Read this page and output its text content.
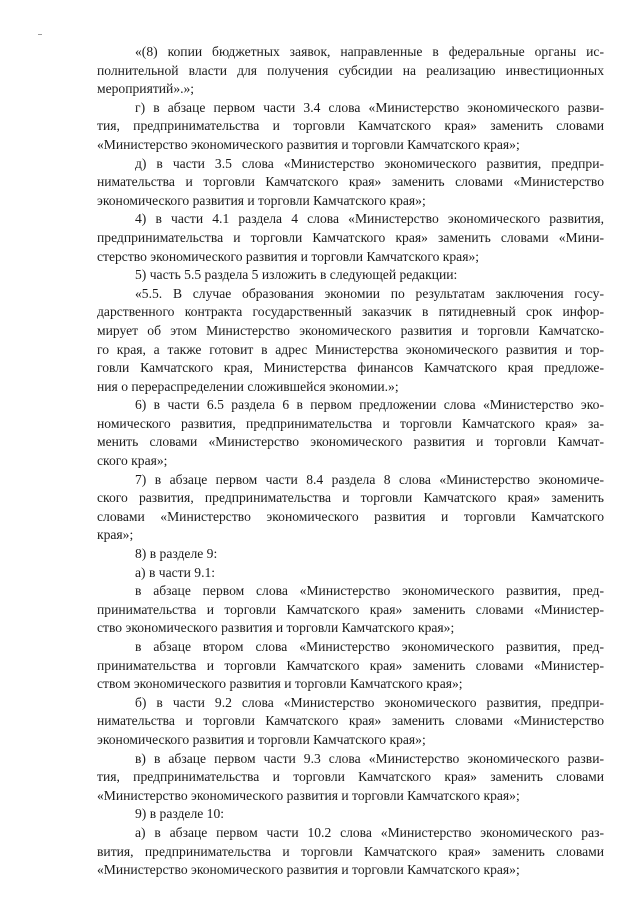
«(8) копии бюджетных заявок, направленные в федеральные органы ис-
полнительной власти для получения субсидии на реализацию инвестиционных
мероприятий».»;
г) в абзаце первом части 3.4 слова «Министерство экономического разви-
тия, предпринимательства и торговли Камчатского края» заменить словами
«Министерство экономического развития и торговли Камчатского края»;
д) в части 3.5 слова «Министерство экономического развития, предпри-
нимательства и торговли Камчатского края» заменить словами «Министерство
экономического развития и торговли Камчатского края»;
4) в части 4.1 раздела 4 слова «Министерство экономического развития,
предпринимательства и торговли Камчатского края» заменить словами «Мини-
стерство экономического развития и торговли Камчатского края»;
5) часть 5.5 раздела 5 изложить в следующей редакции:
«5.5. В случае образования экономии по результатам заключения госу-
дарственного контракта государственный заказчик в пятидневный срок инфор-
мирует об этом Министерство экономического развития и торговли Камчатско-
го края, а также готовит в адрес Министерства экономического развития и тор-
говли Камчатского края, Министерства финансов Камчатского края предложе-
ния о перераспределении сложившейся экономии.»;
6) в части 6.5 раздела 6 в первом предложении слова «Министерство эко-
номического развития, предпринимательства и торговли Камчатского края» за-
менить словами «Министерство экономического развития и торговли Камчат-
ского края»;
7) в абзаце первом части 8.4 раздела 8 слова «Министерство экономиче-
ского развития, предпринимательства и торговли Камчатского края» заменить
словами «Министерство экономического развития и торговли Камчатского
края»;
8) в разделе 9:
а) в части 9.1:
в абзаце первом слова «Министерство экономического развития, пред-
принимательства и торговли Камчатского края» заменить словами «Министер-
ство экономического развития и торговли Камчатского края»;
в абзаце втором слова «Министерство экономического развития, пред-
принимательства и торговли Камчатского края» заменить словами «Министер-
ством экономического развития и торговли Камчатского края»;
б) в части 9.2 слова «Министерство экономического развития, предпри-
нимательства и торговли Камчатского края» заменить словами «Министерство
экономического развития и торговли Камчатского края»;
в) в абзаце первом части 9.3 слова «Министерство экономического разви-
тия, предпринимательства и торговли Камчатского края» заменить словами
«Министерство экономического развития и торговли Камчатского края»;
9) в разделе 10:
а) в абзаце первом части 10.2 слова «Министерство экономического раз-
вития, предпринимательства и торговли Камчатского края» заменить словами
«Министерство экономического развития и торговли Камчатского края»;
